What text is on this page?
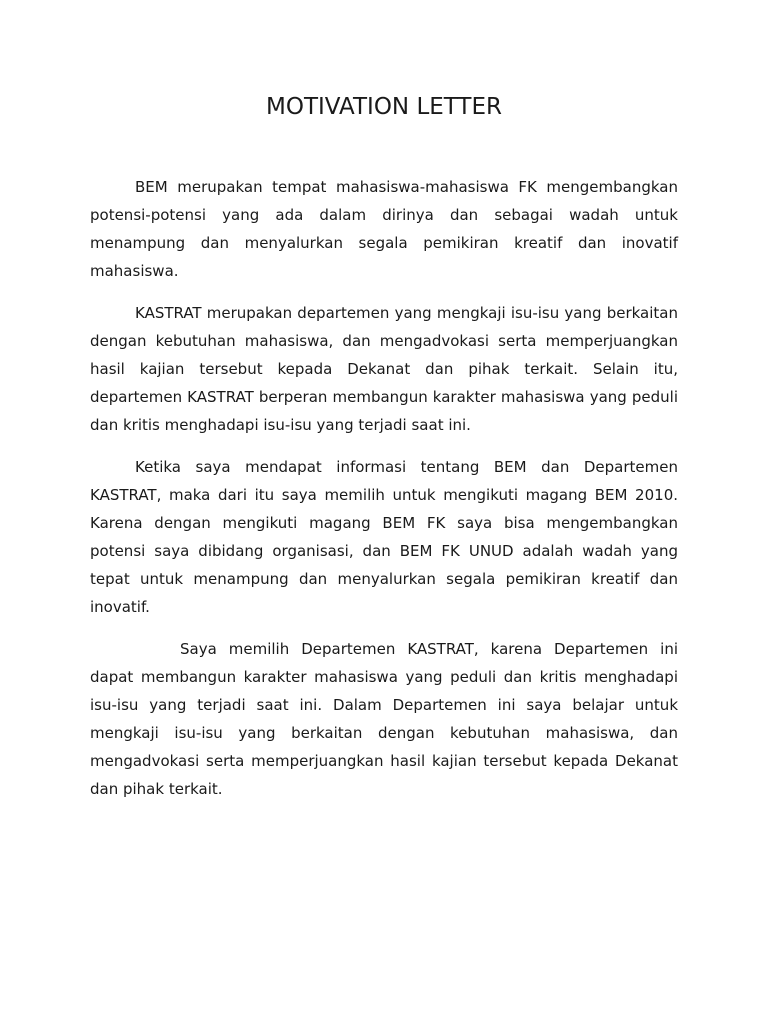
MOTIVATION LETTER

BEM merupakan tempat mahasiswa-mahasiswa FK mengembangkan potensi-potensi yang ada dalam dirinya dan sebagai wadah untuk menampung dan menyalurkan segala pemikiran kreatif dan inovatif mahasiswa.

KASTRAT merupakan departemen yang mengkaji isu-isu yang berkaitan dengan kebutuhan mahasiswa, dan mengadvokasi serta memperjuangkan hasil kajian tersebut kepada Dekanat dan pihak terkait. Selain itu, departemen KASTRAT berperan membangun karakter mahasiswa yang peduli dan kritis menghadapi isu-isu yang terjadi saat ini.

Ketika saya mendapat informasi tentang BEM dan Departemen KASTRAT, maka dari itu saya memilih untuk mengikuti magang BEM 2010. Karena dengan mengikuti magang BEM FK saya bisa mengembangkan potensi saya dibidang organisasi, dan BEM FK UNUD adalah wadah yang tepat untuk menampung dan menyalurkan segala pemikiran kreatif dan inovatif.

Saya memilih Departemen KASTRAT, karena Departemen ini dapat membangun karakter mahasiswa yang peduli dan kritis menghadapi isu-isu yang terjadi saat ini. Dalam Departemen ini saya belajar untuk mengkaji isu-isu yang berkaitan dengan kebutuhan mahasiswa, dan mengadvokasi serta memperjuangkan hasil kajian tersebut kepada Dekanat dan pihak terkait.
